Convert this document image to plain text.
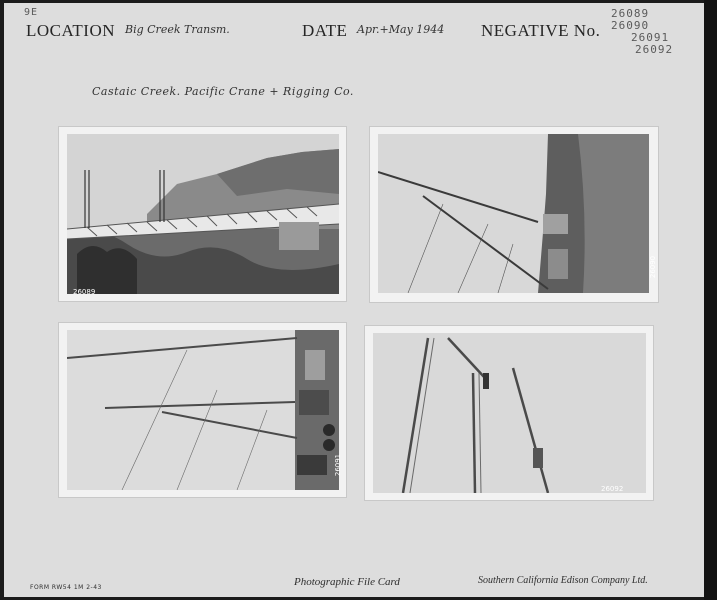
9E
LOCATION Big Creek Transm.	DATE Apr.+May 1944 NEGATIVE No.
26089
26090
26091
26092
Castaic Creek. Pacific Crane + Rigging Co.
26089
26090
26091
26092
FORM RW54 1M 2-43	Photographic File Card	Southern California Edison Company Ltd.
